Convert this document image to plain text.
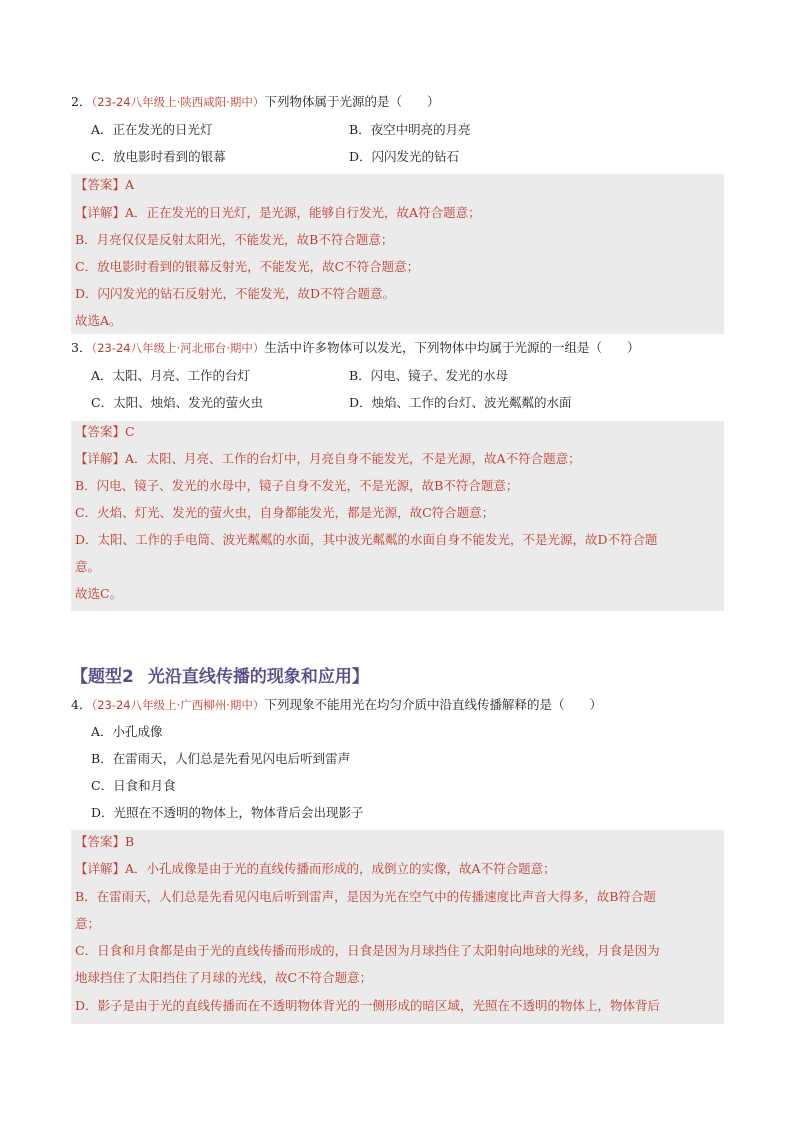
2．（23-24八年级上·陕西咸阳·期中）下列物体属于光源的是（　　）
A．正在发光的日光灯	B．夜空中明亮的月亮
C．放电影时看到的银幕	D．闪闪发光的钻石
【答案】A
【详解】A．正在发光的日光灯，是光源，能够自行发光，故A符合题意；
B．月亮仅仅是反射太阳光，不能发光，故B不符合题意；
C．放电影时看到的银幕反射光，不能发光，故C不符合题意；
D．闪闪发光的钻石反射光，不能发光，故D不符合题意。
故选A。
3．（23-24八年级上·河北邢台·期中）生活中许多物体可以发光，下列物体中均属于光源的一组是（　　）
A．太阳、月亮、工作的台灯	B．闪电、镜子、发光的水母
C．太阳、烛焰、发光的萤火虫	D．烛焰、工作的台灯、波光粼粼的水面
【答案】C
【详解】A．太阳、月亮、工作的台灯中，月亮自身不能发光，不是光源，故A不符合题意；
B．闪电、镜子、发光的水母中，镜子自身不发光，不是光源，故B不符合题意；
C．火焰、灯光、发光的萤火虫，自身都能发光，都是光源，故C符合题意；
D．太阳、工作的手电筒、波光粼粼的水面，其中波光粼粼的水面自身不能发光，不是光源，故D不符合题
意。
故选C。
【题型2 光沿直线传播的现象和应用】
4．（23-24八年级上·广西柳州·期中）下列现象不能用光在均匀介质中沿直线传播解释的是（　　）
A．小孔成像
B．在雷雨天，人们总是先看见闪电后听到雷声
C．日食和月食
D．光照在不透明的物体上，物体背后会出现影子
【答案】B
【详解】A．小孔成像是由于光的直线传播而形成的，成倒立的实像，故A不符合题意；
B．在雷雨天，人们总是先看见闪电后听到雷声，是因为光在空气中的传播速度比声音大得多，故B符合题
意；
C．日食和月食都是由于光的直线传播而形成的，日食是因为月球挡住了太阳射向地球的光线，月食是因为
地球挡住了太阳挡住了月球的光线，故C不符合题意；
D．影子是由于光的直线传播而在不透明物体背光的一侧形成的暗区域，光照在不透明的物体上，物体背后
